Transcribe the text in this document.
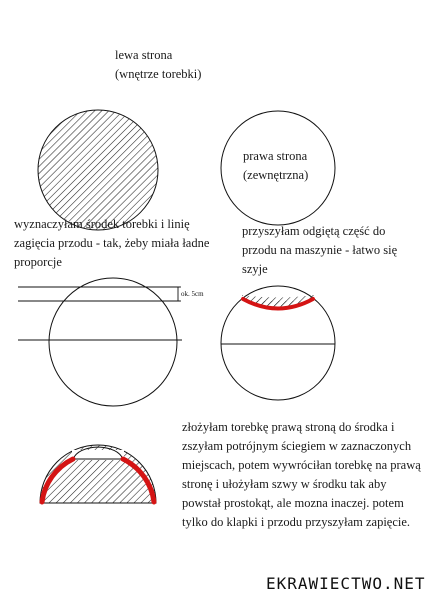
ok. 5cm
lewa strona
(wnętrze torebki)
prawa strona
(zewnętrzna)
wyznaczyłam środek torebki i linię
zagięcia przodu - tak, żeby miała ładne
proporcje
przyszyłam odgiętą część do
przodu na maszynie - łatwo się
szyje
złożyłam torebkę prawą stroną do środka i
zszyłam potrójnym ściegiem w zaznaczonych
miejscach, potem wywróciłan torebkę na prawą
stronę i ułożyłam szwy w środku tak aby
powstał prostokąt, ale mozna inaczej. potem
tylko do klapki i przodu przyszyłam zapięcie.
EKRAWIECTWO.NET
